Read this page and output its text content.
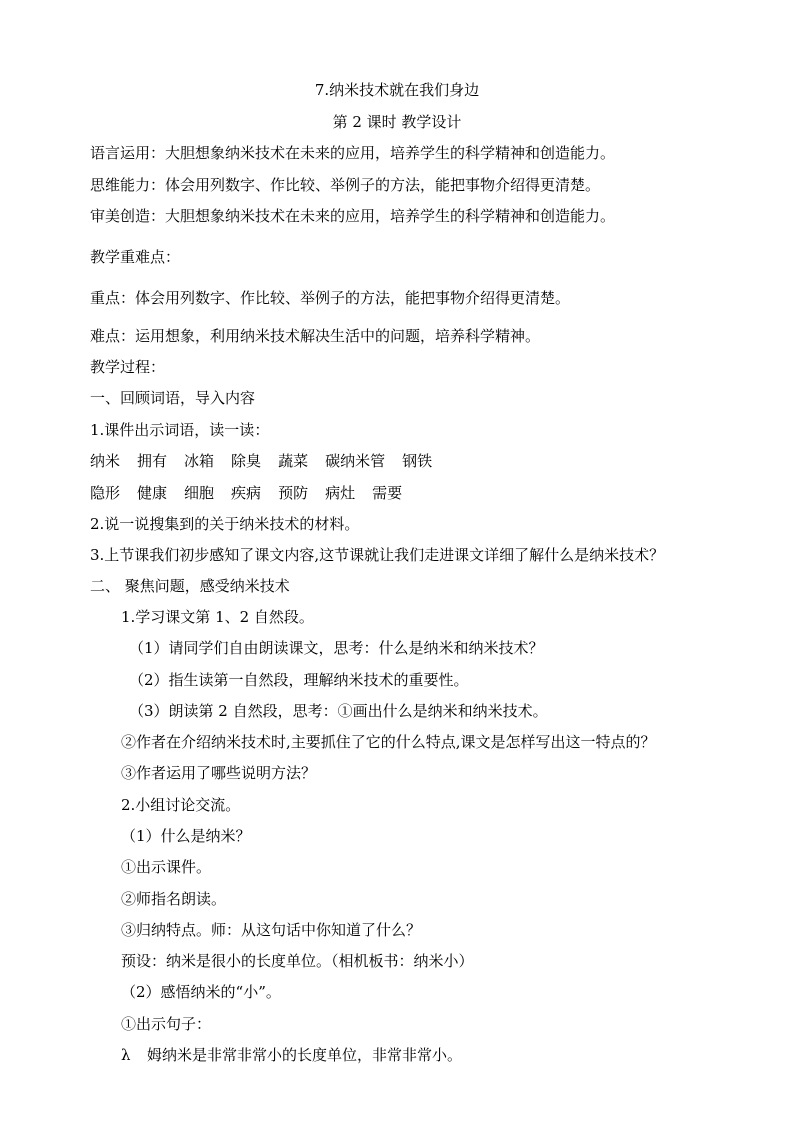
7.纳米技术就在我们身边
第 2 课时 教学设计
语言运用：大胆想象纳米技术在未来的应用，培养学生的科学精神和创造能力。
思维能力：体会用列数字、作比较、举例子的方法，能把事物介绍得更清楚。
审美创造：大胆想象纳米技术在未来的应用，培养学生的科学精神和创造能力。
教学重难点：
重点：体会用列数字、作比较、举例子的方法，能把事物介绍得更清楚。
难点：运用想象，利用纳米技术解决生活中的问题，培养科学精神。
教学过程：
一、回顾词语，导入内容
1.课件出示词语，读一读：
纳米 拥有 冰箱 除臭 蔬菜 碳纳米管 钢铁
隐形 健康 细胞 疾病 预防 病灶 需要
2.说一说搜集到的关于纳米技术的材料。
3.上节课我们初步感知了课文内容,这节课就让我们走进课文详细了解什么是纳米技术？
二、 聚焦问题，感受纳米技术
1.学习课文第 1、2 自然段。
（1）请同学们自由朗读课文，思考：什么是纳米和纳米技术？
（2）指生读第一自然段，理解纳米技术的重要性。
（3）朗读第 2 自然段，思考：①画出什么是纳米和纳米技术。
②作者在介绍纳米技术时,主要抓住了它的什么特点,课文是怎样写出这一特点的？
③作者运用了哪些说明方法？
2.小组讨论交流。
（1）什么是纳米？
①出示课件。
②师指名朗读。
③归纳特点。师：从这句话中你知道了什么？
预设：纳米是很小的长度单位。（相机板书：纳米小）
（2）感悟纳米的“小”。
①出示句子：
λ 姆纳米是非常非常小的长度单位，非常非常小。
